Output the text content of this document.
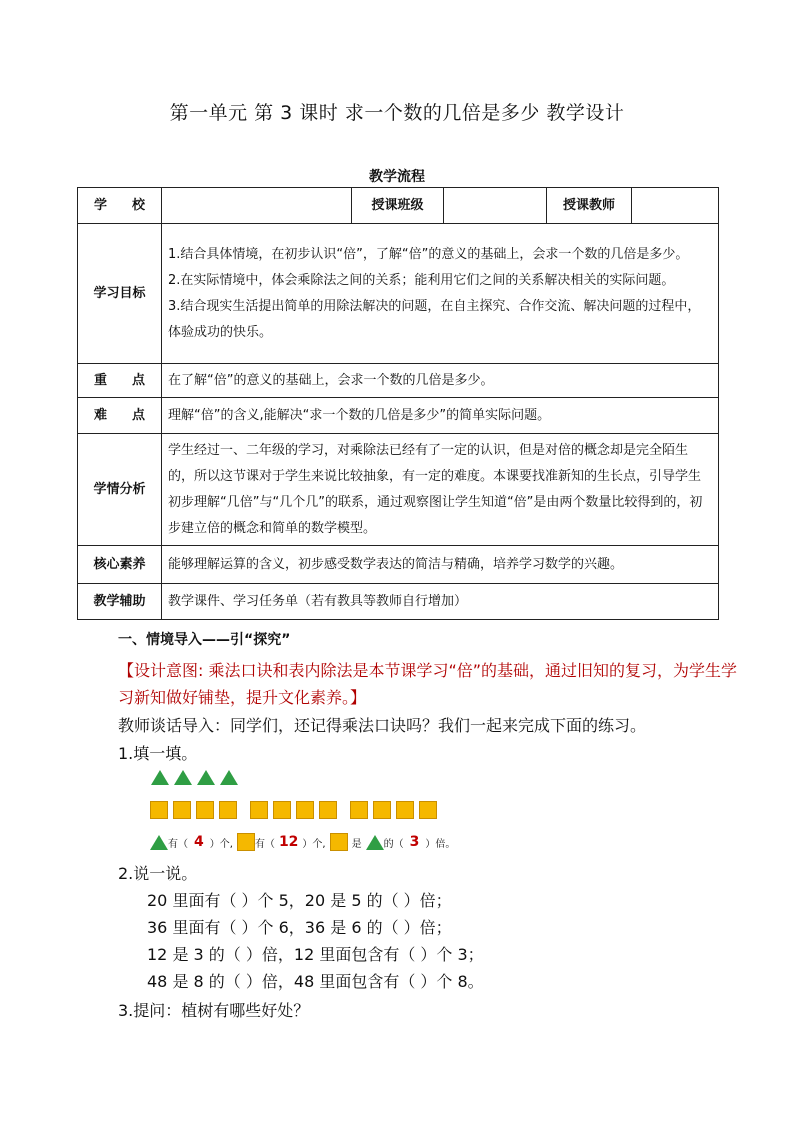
第一单元 第 3 课时 求一个数的几倍是多少 教学设计
教学流程
学 校		授课班级		授课教师	
学习目标	1.结合具体情境，在初步认识“倍”，了解“倍”的意义的基础上，会求一个数的几倍是多少。

2.在实际情境中，体会乘除法之间的关系；能利用它们之间的关系解决相关的实际问题。

3.结合现实生活提出简单的用除法解决的问题，在自主探究、合作交流、解决问题的过程中，体验成功的快乐。				

重 点	在了解“倍”的意义的基础上，会求一个数的几倍是多少。				

难 点	理解“倍”的含义,能解决“求一个数的几倍是多少”的简单实际问题。				
学情分析	学生经过一、二年级的学习，对乘除法已经有了一定的认识，但是对倍的概念却是完全陌生的，所以这节课对于学生来说比较抽象，有一定的难度。本课要找准新知的生长点，引导学生初步理解“几倍”与“几个几”的联系，通过观察图让学生知道“倍”是由两个数量比较得到的，初步建立倍的概念和简单的数学模型。				
核心素养	能够理解运算的含义，初步感受数学表达的简洁与精确，培养学习数学的兴趣。				
教学辅助	教学课件、学习任务单（若有教具等教师自行增加）				
一、情境导入——引“探究”
【设计意图: 乘法口诀和表内除法是本节课学习“倍”的基础，通过旧知的复习，为学生学
习新知做好铺垫，提升文化素养。】
教师谈话导入：同学们，还记得乘法口诀吗？我们一起来完成下面的练习。
1.填一填。
有（ 4 ）个, 有（ 12 ）个,	是 的（ 3 ）倍。
2.说一说。
20 里面有（ ）个 5，20 是 5 的（ ）倍；
36 里面有（ ）个 6，36 是 6 的（ ）倍；
12 是 3 的（ ）倍，12 里面包含有（ ）个 3；
48 是 8 的（ ）倍，48 里面包含有（ ）个 8。
3.提问：植树有哪些好处？
